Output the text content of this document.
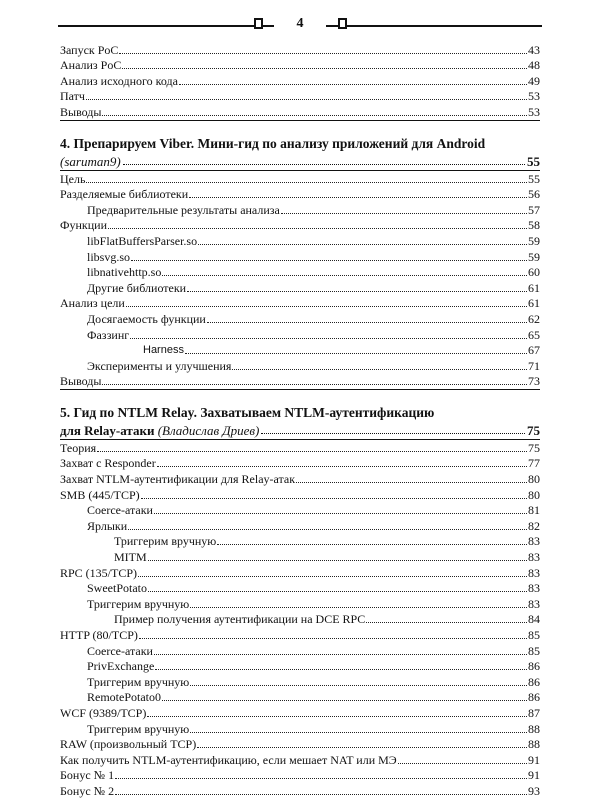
4
Запуск PoC	43
Анализ PoC	48
Анализ исходного кода	49
Патч	53
Выводы	53
4. Препарируем Viber. Мини-гид по анализу приложений для Android
(saruman9)	55
Цель	55
Разделяемые библиотеки	56
Предварительные результаты анализа	57
Функции	58
libFlatBuffersParser.so	59
libsvg.so	59
libnativehttp.so	60
Другие библиотеки	61
Анализ цели	61
Досягаемость функции	62
Фаззинг	65
Harness	67
Эксперименты и улучшения	71
Выводы	73
5. Гид по NTLM Relay. Захватываем NTLM-аутентификацию
для Relay-атаки
(Владислав Дриев)	75
Теория	75
Захват с Responder	77
Захват NTLM-аутентификации для Relay-атак	80
SMB (445/TCP)	80
Coerce-атаки	81
Ярлыки	82
Триггерим вручную	83
MITM	83
RPC (135/TCP)	83
SweetPotato	83
Триггерим вручную	83
Пример получения аутентификации на DCE RPC	84
HTTP (80/TCP)	85
Coerce-атаки	85
PrivExchange	86
Триггерим вручную	86
RemotePotato0	86
WCF (9389/TCP)	87
Триггерим вручную	88
RAW (произвольный TCP)	88
Как получить NTLM-аутентификацию, если мешает NAT или МЭ	91
Бонус № 1	91
Бонус № 2	93
